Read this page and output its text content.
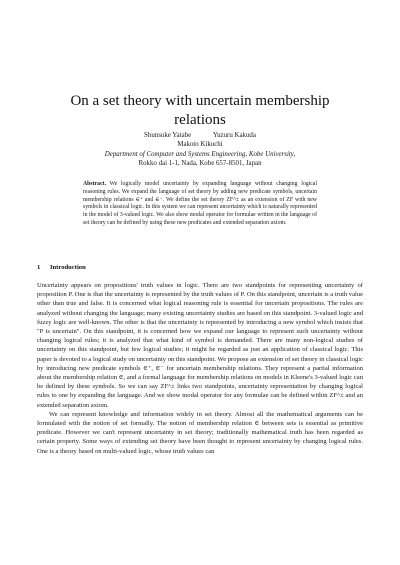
On a set theory with uncertain membership
relations
Shunsuke Yatabe	Yuzuru Kakuda
Makoto Kikuchi
Department of Computer and Systems Engineering, Kobe University,
Rokko dai 1-1, Nada, Kobe 657-8501, Japan
Abstract. We logically model uncertainty by expanding language without changing logical reasoning rules. We expand the language of set theory by adding new predicate symbols, uncertain membership relations ∈⁺ and ∈⁻. We define the set theory ZF^± as an extension of ZF with new symbols in classical logic. In this system we can represent uncertainty which is naturally represented in the model of 3-valued logic. We also show modal operator for formulae written in the language of set theory can be defined by using these new predicates and extended separation axiom.
1 Introduction

Uncertainty appears on propositions' truth values in logic. There are two standpoints for representing uncertainty of proposition P. One is that the uncertainty is represented by the truth values of P. On this standpoint, uncertain is a truth value other than true and false. It is concerned what logical reasoning rule is essential for uncertain propositions. The rules are analyzed without changing the language; many existing uncertainty studies are based on this standpoint. 3-valued logic and fuzzy logic are well-known. The other is that the uncertainty is represented by introducing a new symbol which insists that "P is uncertain". On this standpoint, it is concerned how we expand our language to represent such uncertainty without changing logical rules; it is analyzed that what kind of symbol is demanded. There are many non-logical studies of uncertainty on this standpoint, but few logical studies; it might be regarded as just an application of classical logic. This paper is devoted to a logical study on uncertainty on this standpoint. We propose an extension of set theory in classical logic by introducing new predicate symbols ∈⁺, ∈⁻ for uncertain membership relations. They represent a partial information about the membership relation ∈, and a formal language for membership relations on models in Kleene's 3-valued logic can be defined by these symbols. So we can say ZF^± links two standpoints, uncertainty representation by changing logical rules to one by expanding the language. And we show modal operator for any formulae can be defined within ZF^± and an extended separation axiom.

We can represent knowledge and information widely in set theory. Almost all the mathematical arguments can be formulated with the notion of set formally. The notion of membership relation ∈ between sets is essential as primitive predicate. However we can't represent uncertainty in set theory; traditionally mathematical truth has been regarded as certain property. Some ways of extending set theory have been thought to represent uncertainty by changing logical rules. One is a theory based on multi-valued logic, whose truth values can
